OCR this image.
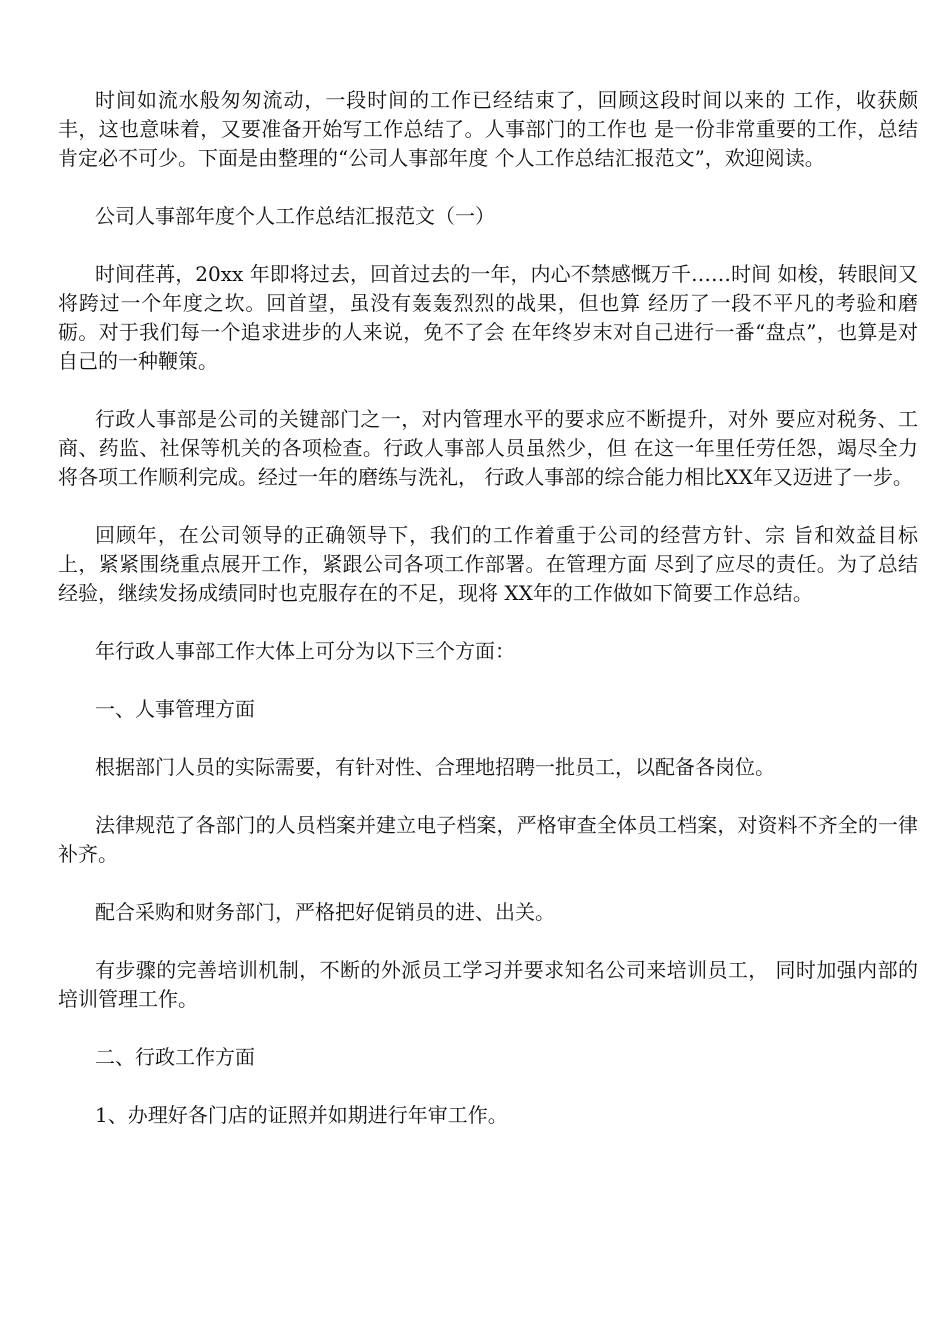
时间如流水般匆匆流动，一段时间的工作已经结束了，回顾这段时间以来的 工作，收获颇丰，这也意味着，又要准备开始写工作总结了。人事部门的工作也 是一份非常重要的工作，总结肯定必不可少。下面是由整理的“公司人事部年度 个人工作总结汇报范文”，欢迎阅读。

公司人事部年度个人工作总结汇报范文（一）

时间荏苒，20xx 年即将过去，回首过去的一年，内心不禁感慨万千……时间 如梭，转眼间又将跨过一个年度之坎。回首望，虽没有轰轰烈烈的战果，但也算 经历了一段不平凡的考验和磨砺。对于我们每一个追求进步的人来说，免不了会 在年终岁末对自己进行一番“盘点”，也算是对自己的一种鞭策。

行政人事部是公司的关键部门之一，对内管理水平的要求应不断提升，对外 要应对税务、工商、药监、社保等机关的各项检查。行政人事部人员虽然少，但 在这一年里任劳任怨，竭尽全力将各项工作顺利完成。经过一年的磨练与洗礼， 行政人事部的综合能力相比XX年又迈进了一步。

回顾年，在公司领导的正确领导下，我们的工作着重于公司的经营方针、宗 旨和效益目标上，紧紧围绕重点展开工作，紧跟公司各项工作部署。在管理方面 尽到了应尽的责任。为了总结经验，继续发扬成绩同时也克服存在的不足，现将 XX年的工作做如下简要工作总结。

年行政人事部工作大体上可分为以下三个方面：

一、人事管理方面

根据部门人员的实际需要，有针对性、合理地招聘一批员工，以配备各岗位。

法律规范了各部门的人员档案并建立电子档案，严格审查全体员工档案，对资料不齐全的一律补齐。

配合采购和财务部门，严格把好促销员的进、出关。

有步骤的完善培训机制，不断的外派员工学习并要求知名公司来培训员工， 同时加强内部的培训管理工作。

二、行政工作方面

1、办理好各门店的证照并如期进行年审工作。
